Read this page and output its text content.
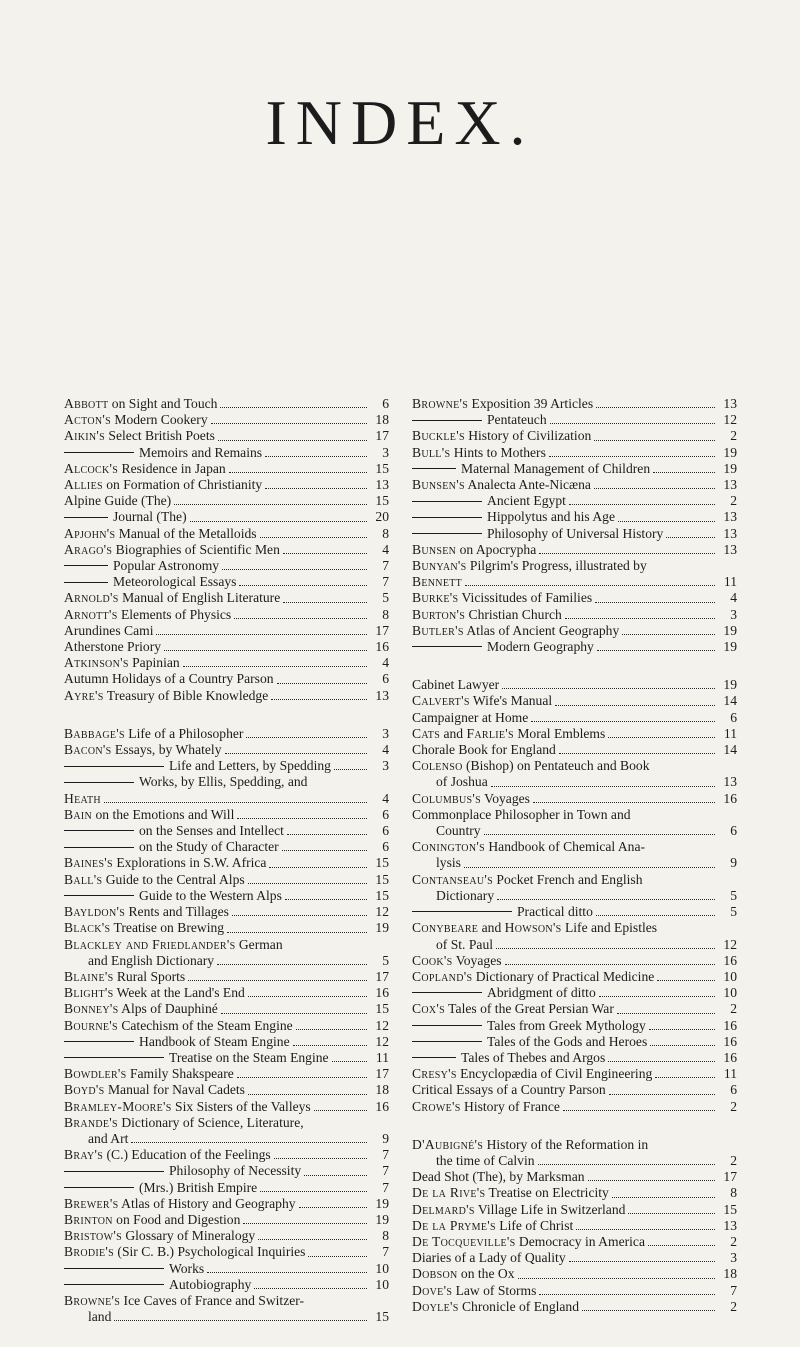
INDEX.
Abbott on Sight and Touch	6
Acton's Modern Cookery	18
Aikin's Select British Poets	17
Memoirs and Remains	3
Alcock's Residence in Japan	15
Allies on Formation of Christianity	13
Alpine Guide (The)	15
Journal (The)	20
Apjohn's Manual of the Metalloids	8
Arago's Biographies of Scientific Men	4
Popular Astronomy	7
Meteorological Essays	7
Arnold's Manual of English Literature	5
Arnott's Elements of Physics	8
Arundines Cami	17
Atherstone Priory	16
Atkinson's Papinian	4
Autumn Holidays of a Country Parson	6
Ayre's Treasury of Bible Knowledge	13
Babbage's Life of a Philosopher	3
Bacon's Essays, by Whately	4
Life and Letters, by Spedding	3
Works, by Ellis, Spedding, and
Heath	4
Bain on the Emotions and Will	6
on the Senses and Intellect	6
on the Study of Character	6
Baines's Explorations in S.W. Africa	15
Ball's Guide to the Central Alps	15
Guide to the Western Alps	15
Bayldon's Rents and Tillages	12
Black's Treatise on Brewing	19
Blackley and Friedlander's German
and English Dictionary	5
Blaine's Rural Sports	17
Blight's Week at the Land's End	16
Bonney's Alps of Dauphiné	15
Bourne's Catechism of the Steam Engine	12
Handbook of Steam Engine	12
Treatise on the Steam Engine	11
Bowdler's Family Shakspeare	17
Boyd's Manual for Naval Cadets	18
Bramley-Moore's Six Sisters of the Valleys	16
Brande's Dictionary of Science, Literature,
and Art	9
Bray's (C.) Education of the Feelings	7
Philosophy of Necessity	7
(Mrs.) British Empire	7
Brewer's Atlas of History and Geography	19
Brinton on Food and Digestion	19
Bristow's Glossary of Mineralogy	8
Brodie's (Sir C. B.) Psychological Inquiries	7
Works	10
Autobiography	10
Browne's Ice Caves of France and Switzer-
land	15
Browne's Exposition 39 Articles	13
Pentateuch	12
Buckle's History of Civilization	2
Bull's Hints to Mothers	19
Maternal Management of Children	19
Bunsen's Analecta Ante-Nicæna	13
Ancient Egypt	2
Hippolytus and his Age	13
Philosophy of Universal History	13
Bunsen on Apocrypha	13
Bunyan's Pilgrim's Progress, illustrated by
Bennett	11
Burke's Vicissitudes of Families	4
Burton's Christian Church	3
Butler's Atlas of Ancient Geography	19
Modern Geography	19
Cabinet Lawyer	19
Calvert's Wife's Manual	14
Campaigner at Home	6
Cats and Farlie's Moral Emblems	11
Chorale Book for England	14
Colenso (Bishop) on Pentateuch and Book
of Joshua	13
Columbus's Voyages	16
Commonplace Philosopher in Town and
Country	6
Conington's Handbook of Chemical Ana-
lysis	9
Contanseau's Pocket French and English
Dictionary	5
Practical ditto	5
Conybeare and Howson's Life and Epistles
of St. Paul	12
Cook's Voyages	16
Copland's Dictionary of Practical Medicine	10
Abridgment of ditto	10
Cox's Tales of the Great Persian War	2
Tales from Greek Mythology	16
Tales of the Gods and Heroes	16
Tales of Thebes and Argos	16
Cresy's Encyclopædia of Civil Engineering	11
Critical Essays of a Country Parson	6
Crowe's History of France	2
D'Aubigné's History of the Reformation in
the time of Calvin	2
Dead Shot (The), by Marksman	17
De la Rive's Treatise on Electricity	8
Delmard's Village Life in Switzerland	15
De la Pryme's Life of Christ	13
De Tocqueville's Democracy in America	2
Diaries of a Lady of Quality	3
Dobson on the Ox	18
Dove's Law of Storms	7
Doyle's Chronicle of England	2
